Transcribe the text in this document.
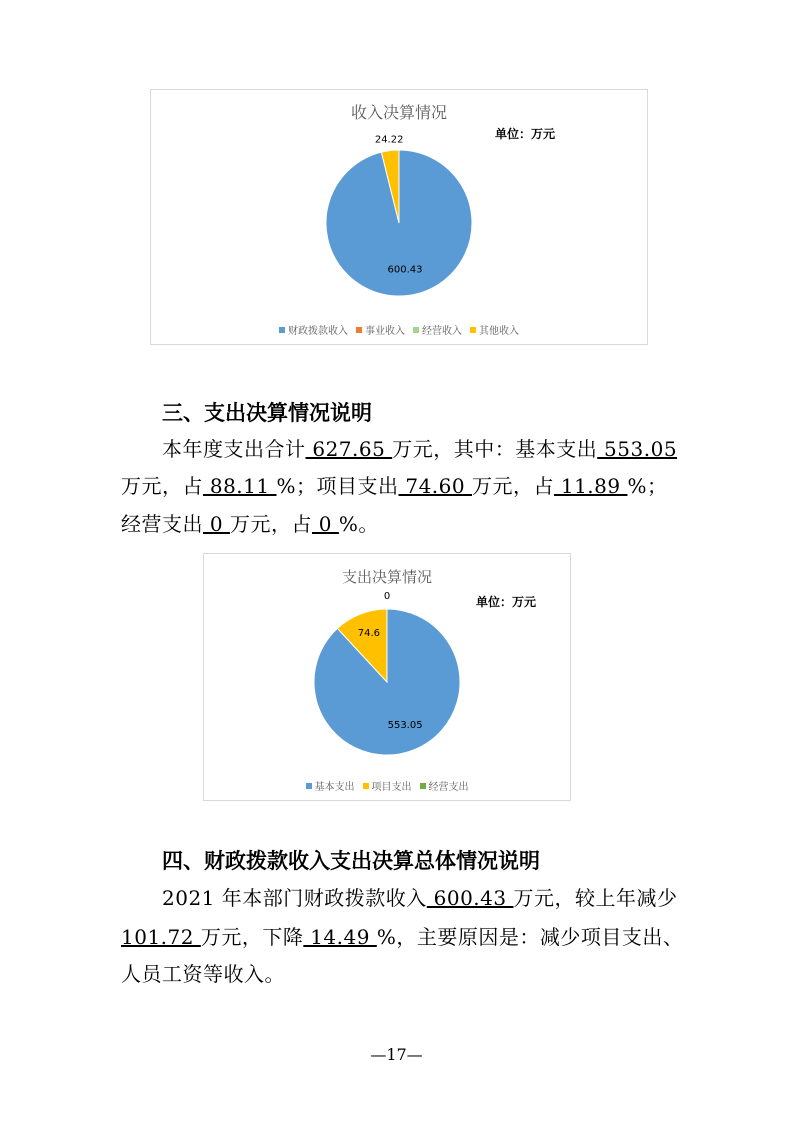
收入决算情况
单位：万元
600.43
24.22
财政拨款收入 事业收入 经营收入 其他收入
三、支出决算情况说明
本年度支出合计 627.65 万元，其中：基本支出 553.05
万元，占 88.11 %；项目支出 74.60 万元，占 11.89 %；
经营支出 0 万元，占 0 %。
支出决算情况
单位：万元
553.05
74.6
0
基本支出 项目支出 经营支出
四、财政拨款收入支出决算总体情况说明
2021 年本部门财政拨款收入 600.43 万元，较上年减少
101.72 万元，下降 14.49 %，主要原因是：减少项目支出、
人员工资等收入。
—17—
